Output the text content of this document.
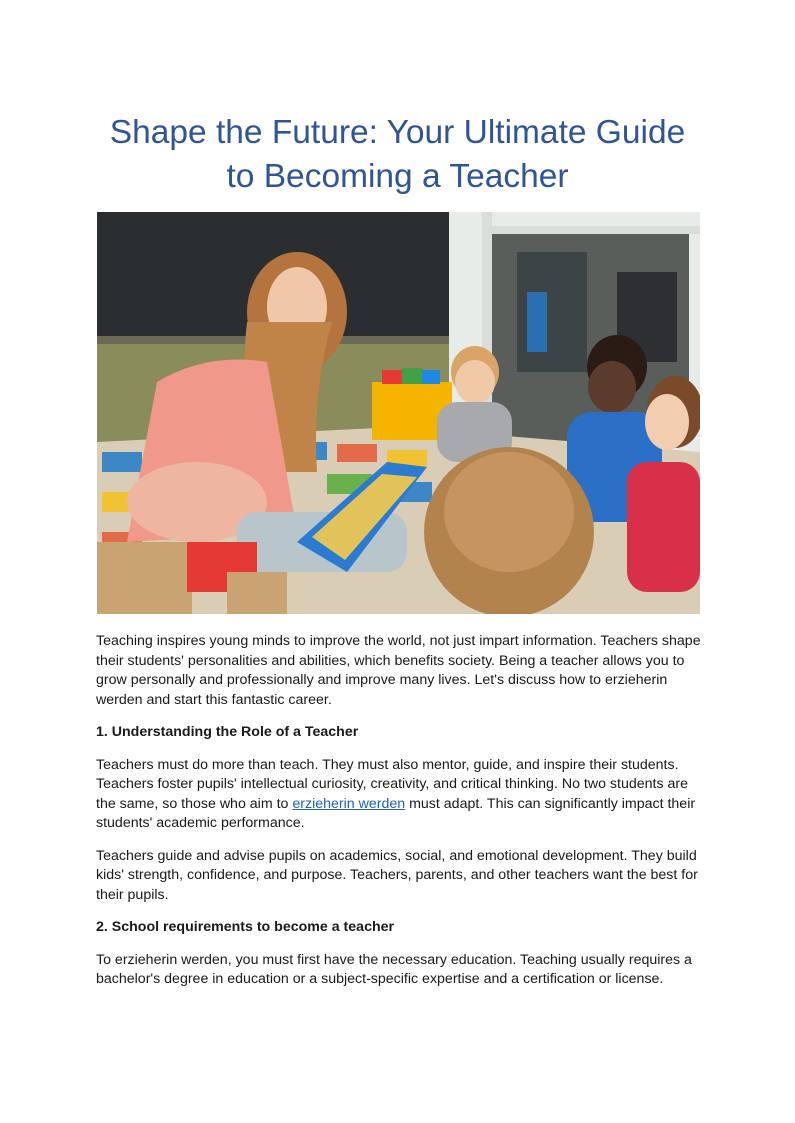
Shape the Future: Your Ultimate Guide
to Becoming a Teacher

Teaching inspires young minds to improve the world, not just impart information. Teachers shape their students' personalities and abilities, which benefits society. Being a teacher allows you to grow personally and professionally and improve many lives. Let's discuss how to erzieherin werden and start this fantastic career.

1. Understanding the Role of a Teacher

Teachers must do more than teach. They must also mentor, guide, and inspire their students. Teachers foster pupils' intellectual curiosity, creativity, and critical thinking. No two students are the same, so those who aim to erzieherin werden must adapt. This can significantly impact their students' academic performance.

Teachers guide and advise pupils on academics, social, and emotional development. They build kids' strength, confidence, and purpose. Teachers, parents, and other teachers want the best for their pupils.

2. School requirements to become a teacher

To erzieherin werden, you must first have the necessary education. Teaching usually requires a bachelor's degree in education or a subject-specific expertise and a certification or license.
